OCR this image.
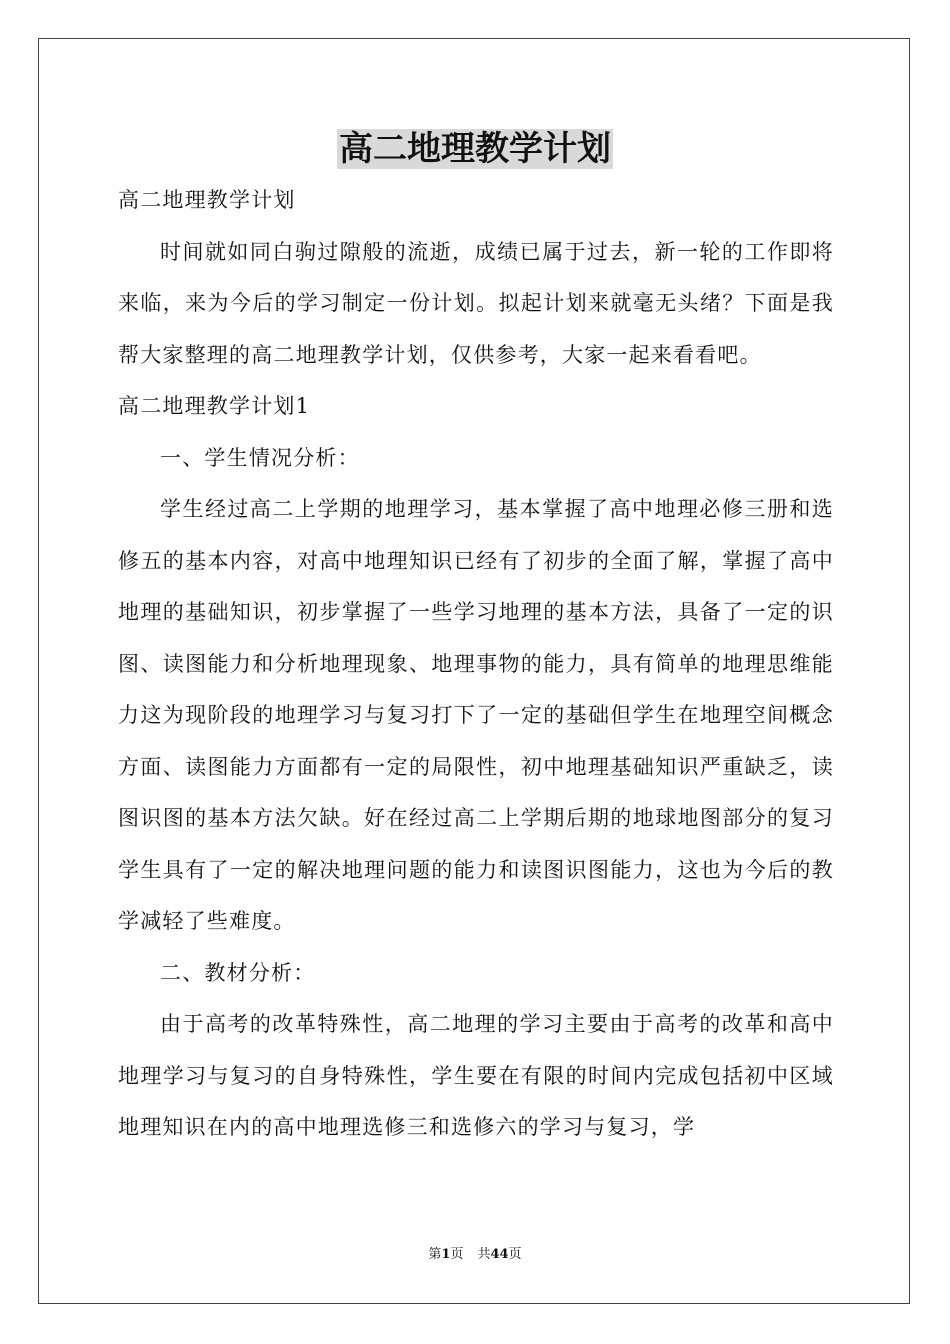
高二地理教学计划

高二地理教学计划

时间就如同白驹过隙般的流逝，成绩已属于过去，新一轮的工作即将来临，来为今后的学习制定一份计划。拟起计划来就毫无头绪？下面是我帮大家整理的高二地理教学计划，仅供参考，大家一起来看看吧。

高二地理教学计划1

一、学生情况分析：

学生经过高二上学期的地理学习，基本掌握了高中地理必修三册和选修五的基本内容，对高中地理知识已经有了初步的全面了解，掌握了高中地理的基础知识，初步掌握了一些学习地理的基本方法，具备了一定的识图、读图能力和分析地理现象、地理事物的能力，具有简单的地理思维能力这为现阶段的地理学习与复习打下了一定的基础但学生在地理空间概念方面、读图能力方面都有一定的局限性，初中地理基础知识严重缺乏，读图识图的基本方法欠缺。好在经过高二上学期后期的地球地图部分的复习学生具有了一定的解决地理问题的能力和读图识图能力，这也为今后的教学减轻了些难度。

二、教材分析：

由于高考的改革特殊性，高二地理的学习主要由于高考的改革和高中地理学习与复习的自身特殊性，学生要在有限的时间内完成包括初中区域地理知识在内的高中地理选修三和选修六的学习与复习，学

第1页 共44页
